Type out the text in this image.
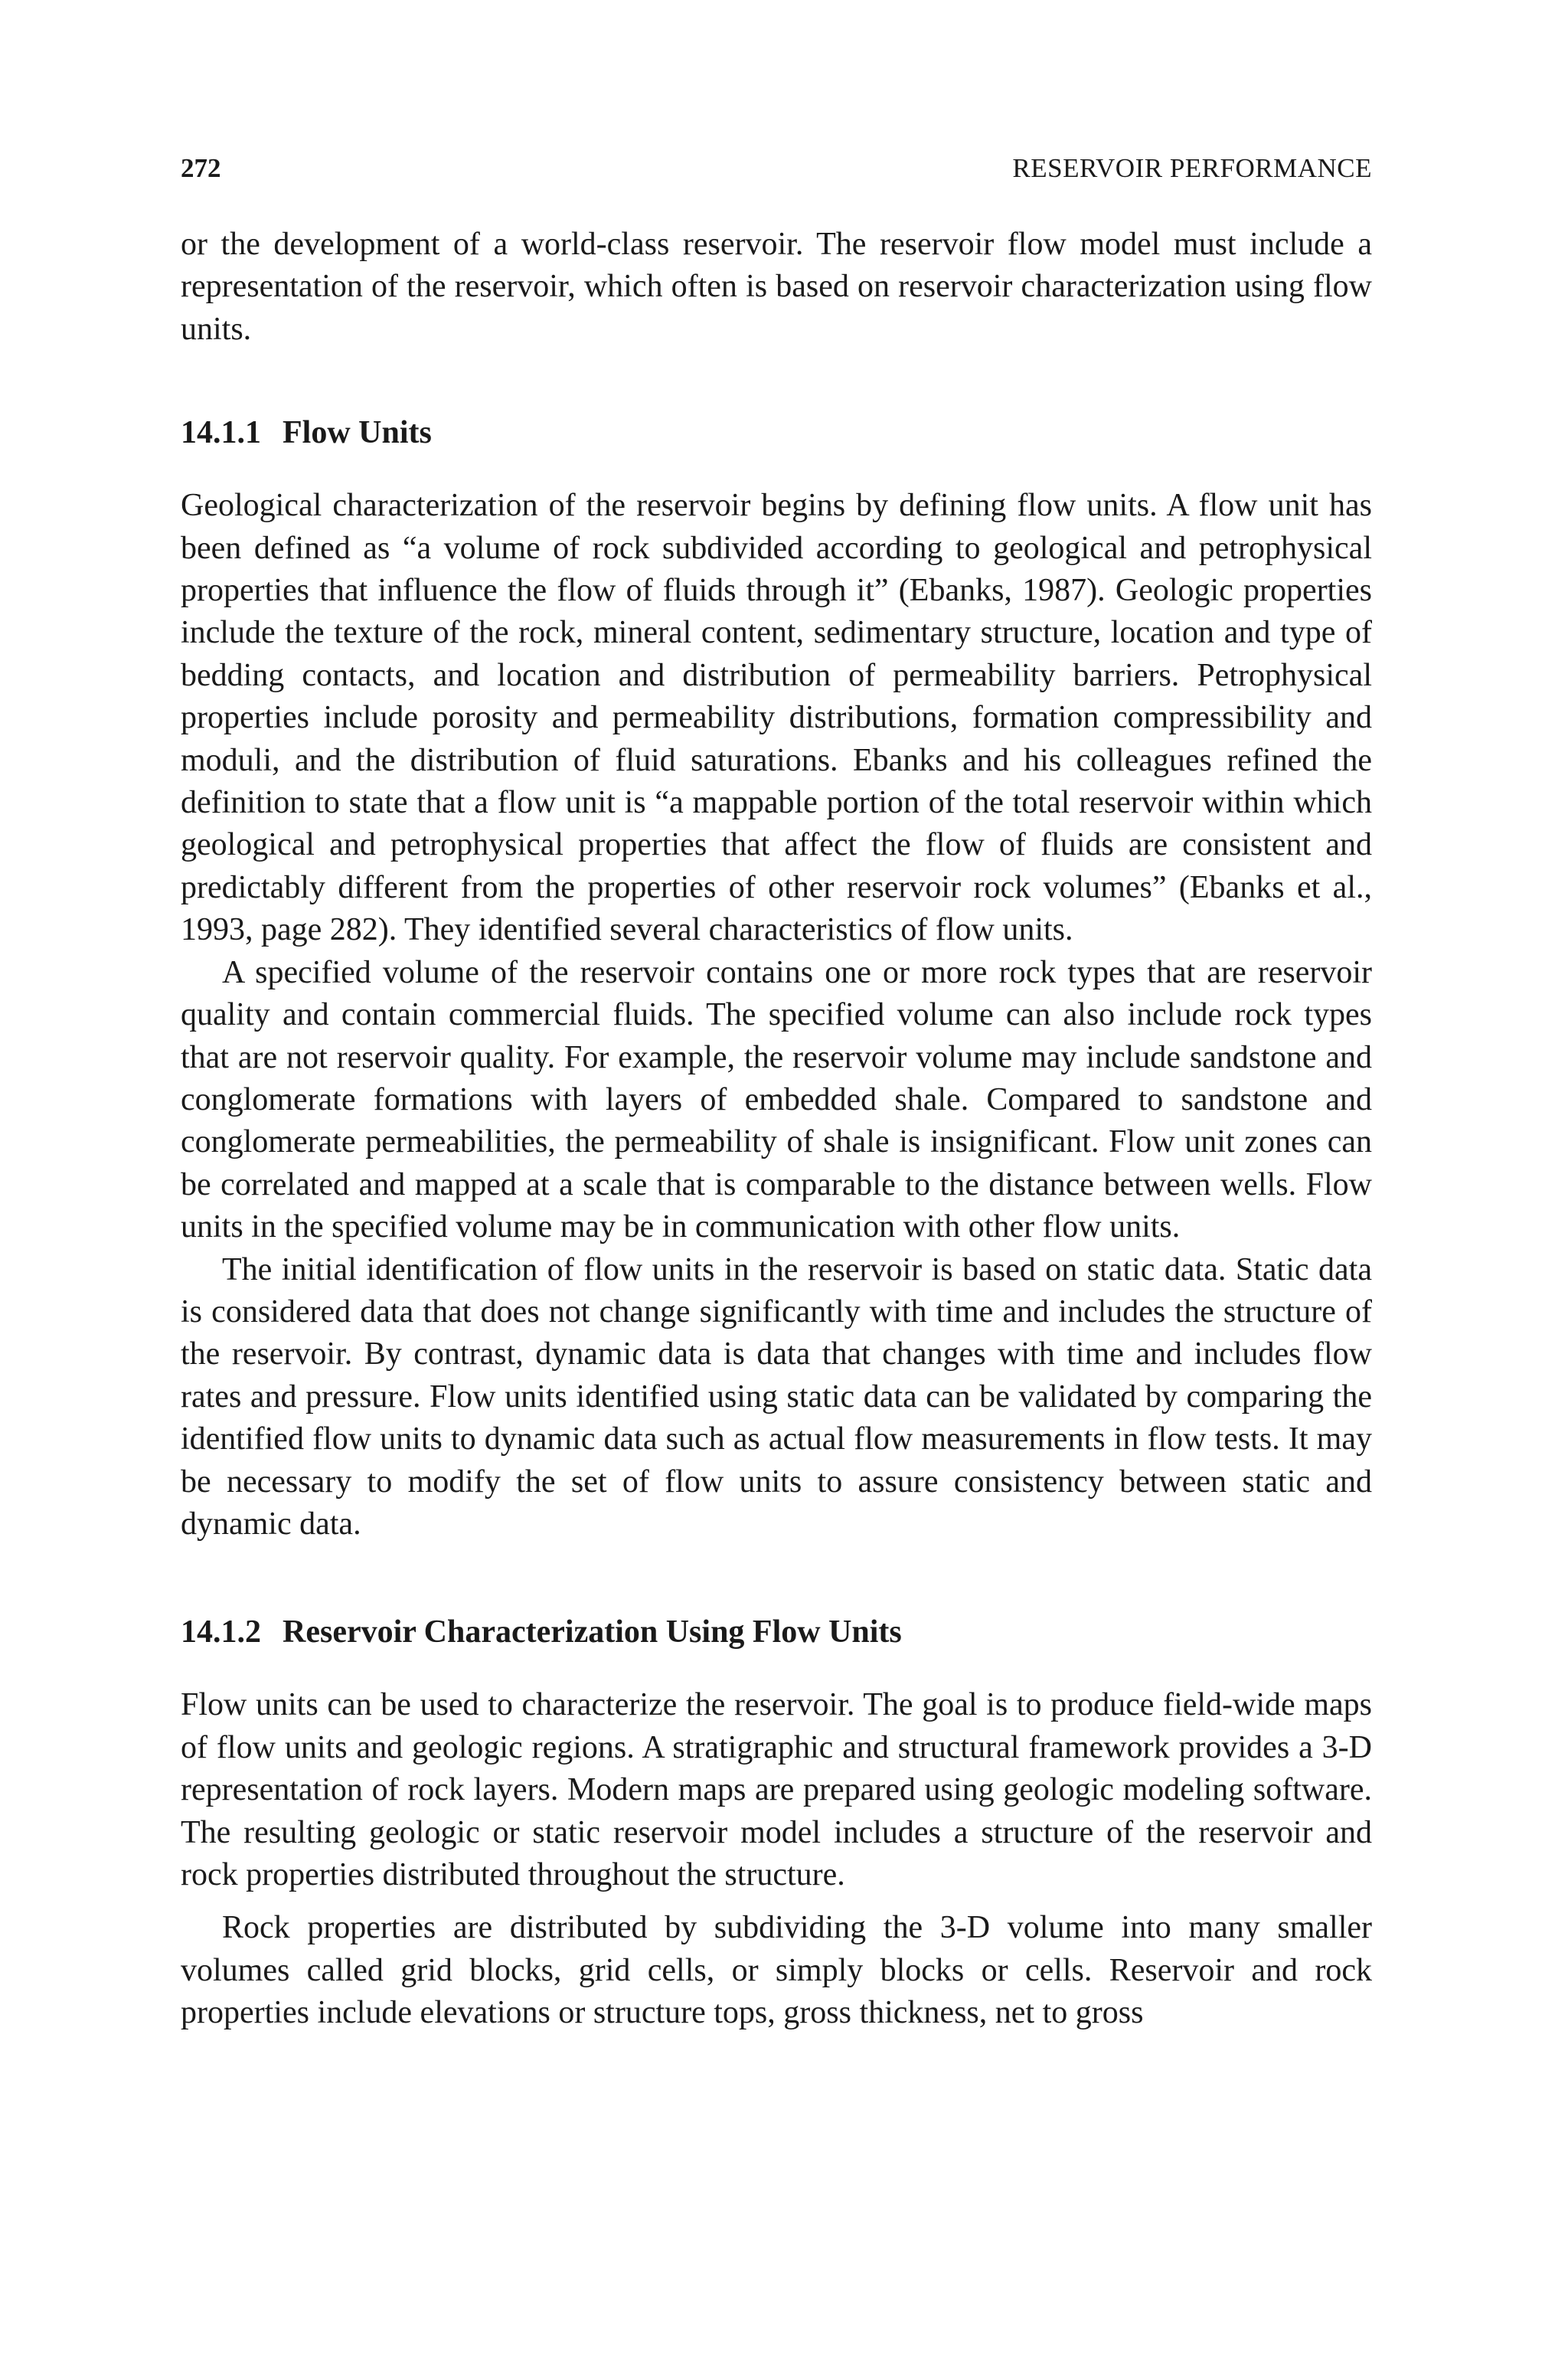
272	RESERVOIR PERFORMANCE

or the development of a world-class reservoir. The reservoir flow model must include a representation of the reservoir, which often is based on reservoir characterization using flow units.

14.1.1 Flow Units

Geological characterization of the reservoir begins by defining flow units. A flow unit has been defined as “a volume of rock subdivided according to geological and petrophysical properties that influence the flow of fluids through it” (Ebanks, 1987). Geologic properties include the texture of the rock, mineral content, sedimentary structure, location and type of bedding contacts, and location and distribution of permeability barriers. Petrophysical properties include porosity and permeability distributions, formation compressibility and moduli, and the distribution of fluid saturations. Ebanks and his colleagues refined the definition to state that a flow unit is “a mappable portion of the total reservoir within which geological and petrophysical properties that affect the flow of fluids are consistent and predictably different from the properties of other reservoir rock volumes” (Ebanks et al., 1993, page 282). They identified several characteristics of flow units.

A specified volume of the reservoir contains one or more rock types that are reservoir quality and contain commercial fluids. The specified volume can also include rock types that are not reservoir quality. For example, the reservoir volume may include sandstone and conglomerate formations with layers of embedded shale. Compared to sandstone and conglomerate permeabilities, the permeability of shale is insignificant. Flow unit zones can be correlated and mapped at a scale that is comparable to the distance between wells. Flow units in the specified volume may be in communication with other flow units.

The initial identification of flow units in the reservoir is based on static data. Static data is considered data that does not change significantly with time and includes the structure of the reservoir. By contrast, dynamic data is data that changes with time and includes flow rates and pressure. Flow units identified using static data can be validated by comparing the identified flow units to dynamic data such as actual flow measurements in flow tests. It may be necessary to modify the set of flow units to assure consistency between static and dynamic data.

14.1.2 Reservoir Characterization Using Flow Units

Flow units can be used to characterize the reservoir. The goal is to produce field-wide maps of flow units and geologic regions. A stratigraphic and structural framework provides a 3-D representation of rock layers. Modern maps are prepared using geologic modeling software. The resulting geologic or static reservoir model includes a structure of the reservoir and rock properties distributed throughout the structure.

Rock properties are distributed by subdividing the 3-D volume into many smaller volumes called grid blocks, grid cells, or simply blocks or cells. Reservoir and rock properties include elevations or structure tops, gross thickness, net to gross
